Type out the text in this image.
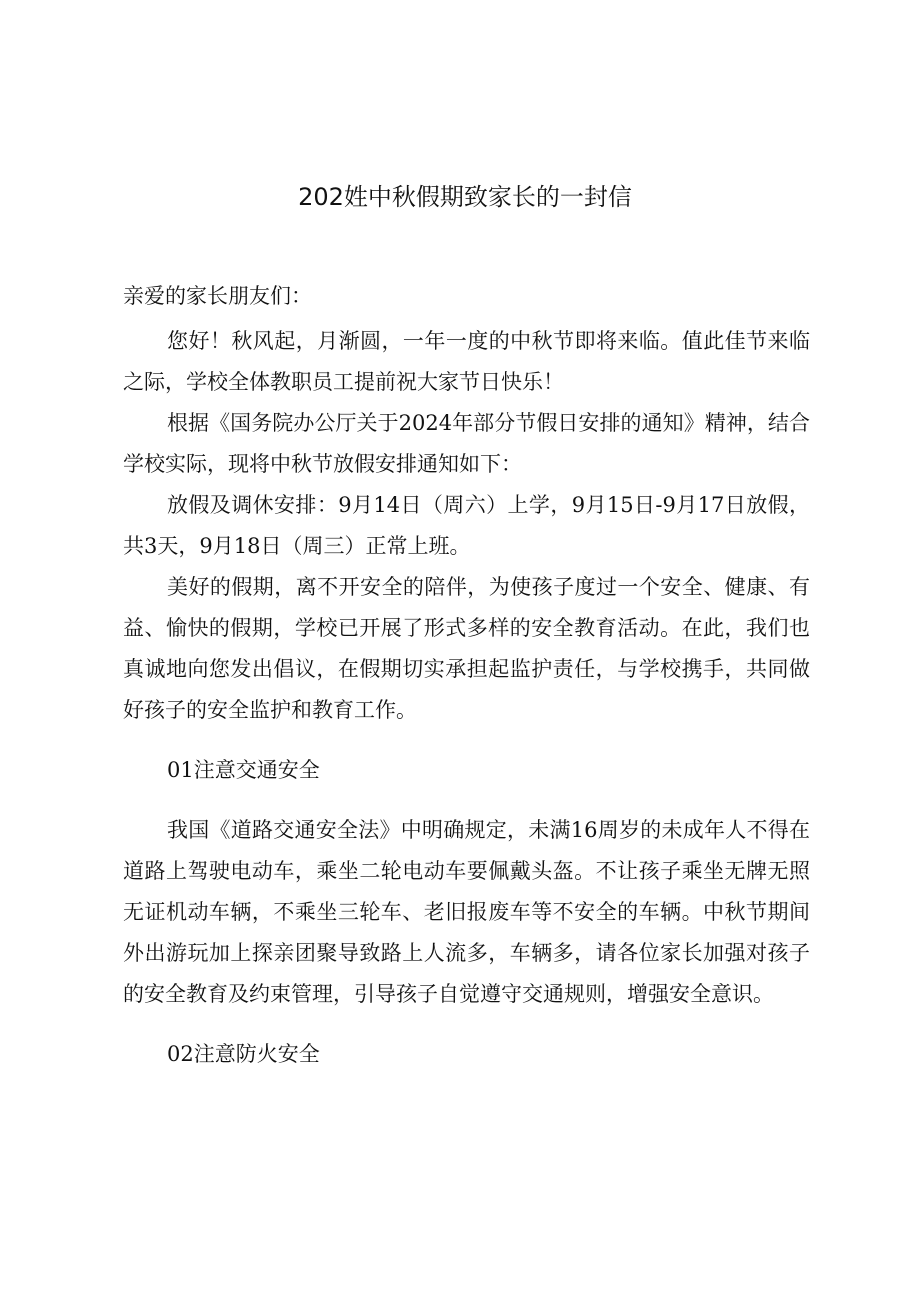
202姓中秋假期致家长的一封信

亲爱的家长朋友们：

您好！秋风起，月渐圆，一年一度的中秋节即将来临。值此佳节来临之际，学校全体教职员工提前祝大家节日快乐！

根据《国务院办公厅关于2024年部分节假日安排的通知》精神，结合学校实际，现将中秋节放假安排通知如下：

放假及调休安排：9月14日（周六）上学，9月15日-9月17日放假，共3天，9月18日（周三）正常上班。

美好的假期，离不开安全的陪伴，为使孩子度过一个安全、健康、有益、愉快的假期，学校已开展了形式多样的安全教育活动。在此，我们也真诚地向您发出倡议，在假期切实承担起监护责任，与学校携手，共同做好孩子的安全监护和教育工作。

01注意交通安全

我国《道路交通安全法》中明确规定，未满16周岁的未成年人不得在道路上驾驶电动车，乘坐二轮电动车要佩戴头盔。不让孩子乘坐无牌无照无证机动车辆，不乘坐三轮车、老旧报废车等不安全的车辆。中秋节期间外出游玩加上探亲团聚导致路上人流多，车辆多，请各位家长加强对孩子的安全教育及约束管理，引导孩子自觉遵守交通规则，增强安全意识。

02注意防火安全
